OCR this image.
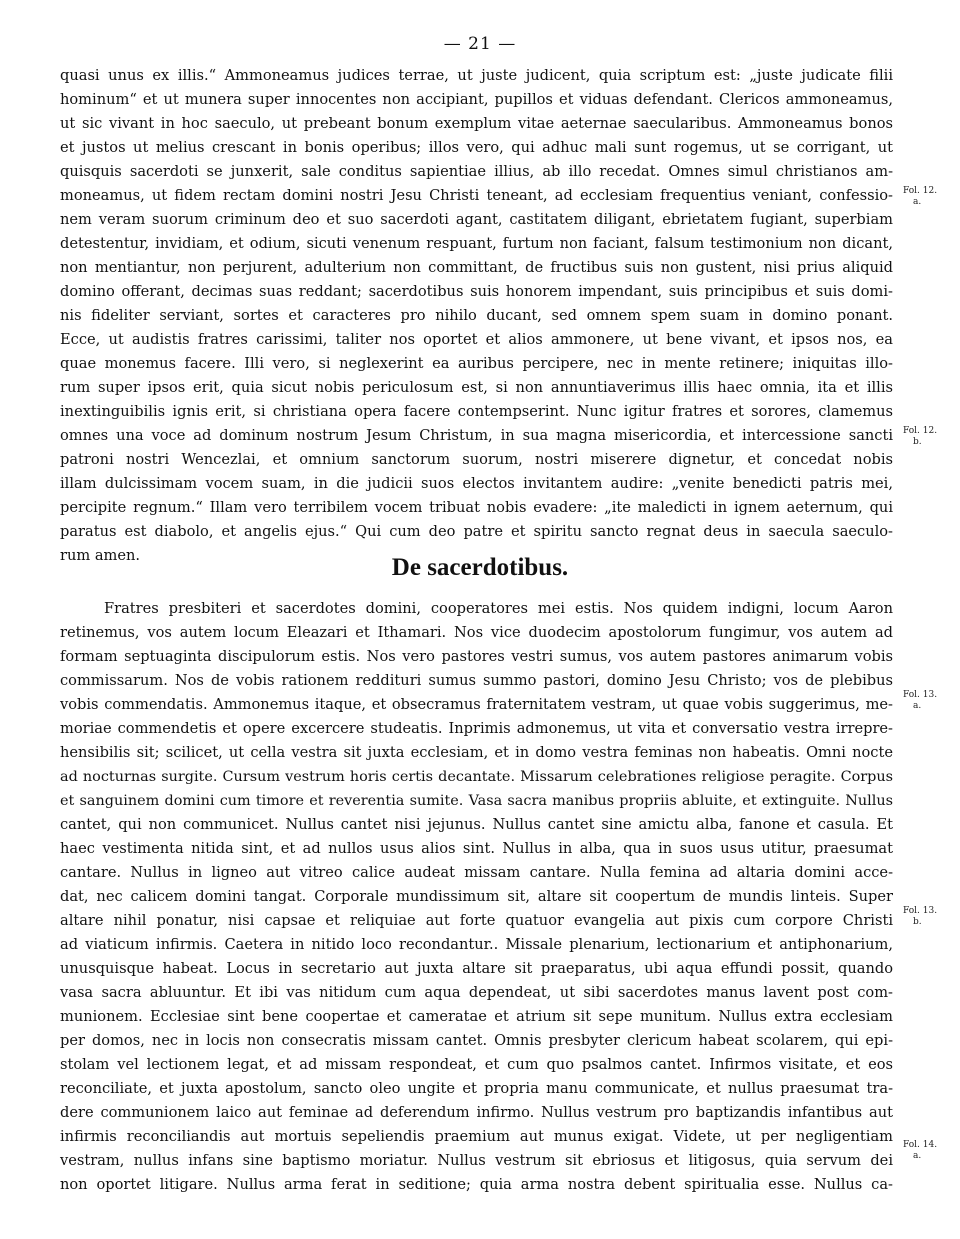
— 21 —
quasi unus ex illis.“ Ammoneamus judices terrae, ut juste judicent, quia scriptum est: „juste judicate filii
hominum“ et ut munera super innocentes non accipiant, pupillos et viduas defendant. Clericos ammoneamus,
ut sic vivant in hoc saeculo, ut prebeant bonum exemplum vitae aeternae saecularibus. Ammoneamus bonos
et justos ut melius crescant in bonis operibus; illos vero, qui adhuc mali sunt rogemus, ut se corrigant, ut
quisquis sacerdoti se junxerit, sale conditus sapientiae illius, ab illo recedat. Omnes simul christianos am-
moneamus, ut fidem rectam domini nostri Jesu Christi teneant, ad ecclesiam frequentius veniant, confessio-
nem veram suorum criminum deo et suo sacerdoti agant, castitatem diligant, ebrietatem fugiant, superbiam
detestentur, invidiam, et odium, sicuti venenum respuant, furtum non faciant, falsum testimonium non dicant,
non mentiantur, non perjurent, adulterium non committant, de fructibus suis non gustent, nisi prius aliquid
domino offerant, decimas suas reddant; sacerdotibus suis honorem impendant, suis principibus et suis domi-
nis fideliter serviant, sortes et caracteres pro nihilo ducant, sed omnem spem suam in domino ponant.
Ecce, ut audistis fratres carissimi, taliter nos oportet et alios ammonere, ut bene vivant, et ipsos nos, ea
quae monemus facere. Illi vero, si neglexerint ea auribus percipere, nec in mente retinere; iniquitas illo-
rum super ipsos erit, quia sicut nobis periculosum est, si non annuntiaverimus illis haec omnia, ita et illis
inextinguibilis ignis erit, si christiana opera facere contempserint. Nunc igitur fratres et sorores, clamemus
omnes una voce ad dominum nostrum Jesum Christum, in sua magna misericordia, et intercessione sancti
patroni nostri Wencezlai, et omnium sanctorum suorum, nostri miserere dignetur, et concedat nobis
illam dulcissimam vocem suam, in die judicii suos electos invitantem audire: „venite benedicti patris mei,
percipite regnum.“ Illam vero terribilem vocem tribuat nobis evadere: „ite maledicti in ignem aeternum, qui
paratus est diabolo, et angelis ejus.“ Qui cum deo patre et spiritu sancto regnat deus in saecula saeculo-
rum amen.	De sacerdotibus.
Fratres presbiteri et sacerdotes domini, cooperatores mei estis. Nos quidem indigni, locum Aaron
retinemus, vos autem locum Eleazari et Ithamari. Nos vice duodecim apostolorum fungimur, vos autem ad
formam septuaginta discipulorum estis. Nos vero pastores vestri sumus, vos autem pastores animarum vobis
commissarum. Nos de vobis rationem reddituri sumus summo pastori, domino Jesu Christo; vos de plebibus
vobis commendatis. Ammonemus itaque, et obsecramus fraternitatem vestram, ut quae vobis suggerimus, me-
moriae commendetis et opere excercere studeatis. Inprimis admonemus, ut vita et conversatio vestra irrepre-
hensibilis sit; scilicet, ut cella vestra sit juxta ecclesiam, et in domo vestra feminas non habeatis. Omni nocte
ad nocturnas surgite. Cursum vestrum horis certis decantate. Missarum celebrationes religiose peragite. Corpus
et sanguinem domini cum timore et reverentia sumite. Vasa sacra manibus propriis abluite, et extinguite. Nullus
cantet, qui non communicet. Nullus cantet nisi jejunus. Nullus cantet sine amictu alba, fanone et casula. Et
haec vestimenta nitida sint, et ad nullos usus alios sint. Nullus in alba, qua in suos usus utitur, praesumat
cantare. Nullus in ligneo aut vitreo calice audeat missam cantare. Nulla femina ad altaria domini acce-
dat, nec calicem domini tangat. Corporale mundissimum sit, altare sit coopertum de mundis linteis. Super
altare nihil ponatur, nisi capsae et reliquiae aut forte quatuor evangelia aut pixis cum corpore Christi
ad viaticum infirmis. Caetera in nitido loco recondantur.. Missale plenarium, lectionarium et antiphonarium,
unusquisque habeat. Locus in secretario aut juxta altare sit praeparatus, ubi aqua effundi possit, quando
vasa sacra abluuntur. Et ibi vas nitidum cum aqua dependeat, ut sibi sacerdotes manus lavent post com-
munionem. Ecclesiae sint bene coopertae et cameratae et atrium sit sepe munitum. Nullus extra ecclesiam
per domos, nec in locis non consecratis missam cantet. Omnis presbyter clericum habeat scolarem, qui epi-
stolam vel lectionem legat, et ad missam respondeat, et cum quo psalmos cantet. Infirmos visitate, et eos
reconciliate, et juxta apostolum, sancto oleo ungite et propria manu communicate, et nullus praesumat tra-
dere communionem laico aut feminae ad deferendum infirmo. Nullus vestrum pro baptizandis infantibus aut
infirmis reconciliandis aut mortuis sepeliendis praemium aut munus exigat. Videte, ut per negligentiam
vestram, nullus infans sine baptismo moriatur. Nullus vestrum sit ebriosus et litigosus, quia servum dei
non oportet litigare. Nullus arma ferat in seditione; quia arma nostra debent spiritualia esse. Nullus ca-
Fol. 12.
a.
Fol. 12.
b.
Fol. 13.
a.
Fol. 13.
b.
Fol. 14.
a.
